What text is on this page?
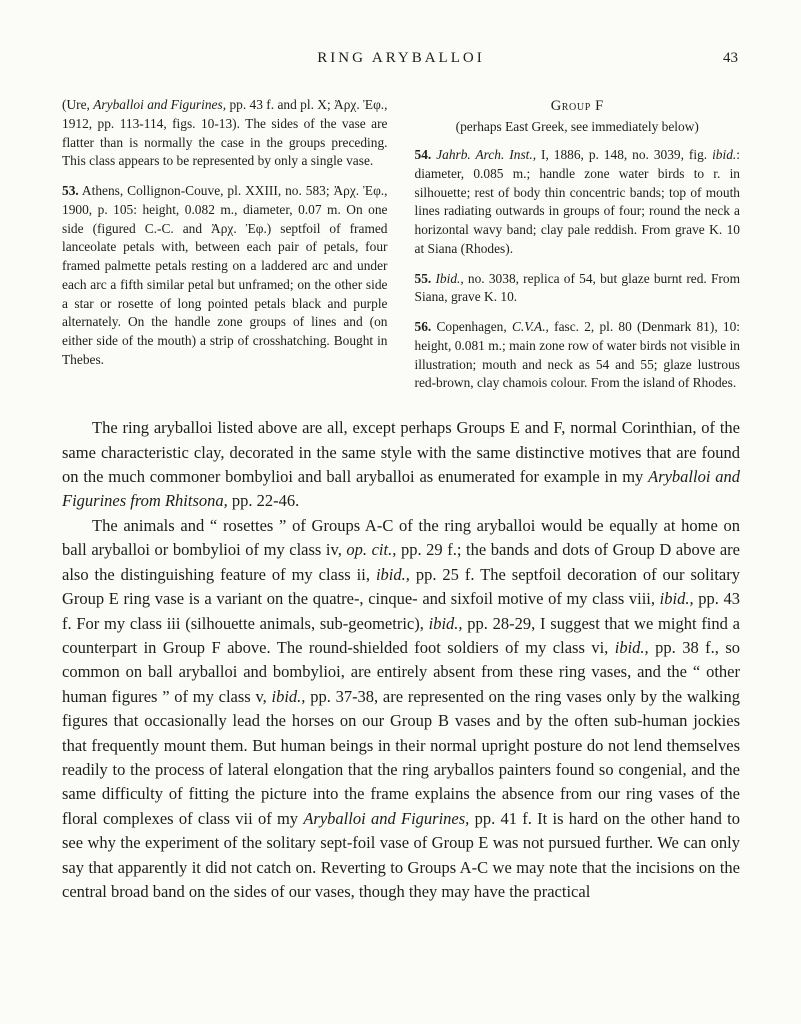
RING ARYBALLOI	43

(Ure, Aryballoi and Figurines, pp. 43 f. and pl. X; Ἀρχ. Ἐφ., 1912, pp. 113-114, figs. 10-13). The sides of the vase are flatter than is normally the case in the groups preceding. This class appears to be represented by only a single vase.

53. Athens, Collignon-Couve, pl. XXIII, no. 583; Ἀρχ. Ἐφ., 1900, p. 105: height, 0.082 m., diameter, 0.07 m. On one side (figured C.-C. and Ἀρχ. Ἐφ.) septfoil of framed lanceolate petals with, between each pair of petals, four framed palmette petals resting on a laddered arc and under each arc a fifth similar petal but unframed; on the other side a star or rosette of long pointed petals black and purple alternately. On the handle zone groups of lines and (on either side of the mouth) a strip of crosshatching. Bought in Thebes.

Group F

(perhaps East Greek, see immediately below)

54. Jahrb. Arch. Inst., I, 1886, p. 148, no. 3039, fig. ibid.: diameter, 0.085 m.; handle zone water birds to r. in silhouette; rest of body thin concentric bands; top of mouth lines radiating outwards in groups of four; round the neck a horizontal wavy band; clay pale reddish. From grave K. 10 at Siana (Rhodes).

55. Ibid., no. 3038, replica of 54, but glaze burnt red. From Siana, grave K. 10.

56. Copenhagen, C.V.A., fasc. 2, pl. 80 (Denmark 81), 10: height, 0.081 m.; main zone row of water birds not visible in illustration; mouth and neck as 54 and 55; glaze lustrous red-brown, clay chamois colour. From the island of Rhodes.

The ring aryballoi listed above are all, except perhaps Groups E and F, normal Corinthian, of the same characteristic clay, decorated in the same style with the same distinctive motives that are found on the much commoner bombylioi and ball aryballoi as enumerated for example in my Aryballoi and Figurines from Rhitsona, pp. 22-46.

The animals and “ rosettes ” of Groups A-C of the ring aryballoi would be equally at home on ball aryballoi or bombylioi of my class iv, op. cit., pp. 29 f.; the bands and dots of Group D above are also the distinguishing feature of my class ii, ibid., pp. 25 f. The septfoil decoration of our solitary Group E ring vase is a variant on the quatre-, cinque- and sixfoil motive of my class viii, ibid., pp. 43 f. For my class iii (silhouette animals, sub-geometric), ibid., pp. 28-29, I suggest that we might find a counterpart in Group F above. The round-shielded foot soldiers of my class vi, ibid., pp. 38 f., so common on ball aryballoi and bombylioi, are entirely absent from these ring vases, and the “ other human figures ” of my class v, ibid., pp. 37-38, are represented on the ring vases only by the walking figures that occasionally lead the horses on our Group B vases and by the often sub-human jockies that frequently mount them. But human beings in their normal upright posture do not lend themselves readily to the process of lateral elongation that the ring aryballos painters found so congenial, and the same difficulty of fitting the picture into the frame explains the absence from our ring vases of the floral complexes of class vii of my Aryballoi and Figurines, pp. 41 f. It is hard on the other hand to see why the experiment of the solitary sept-foil vase of Group E was not pursued further. We can only say that apparently it did not catch on. Reverting to Groups A-C we may note that the incisions on the central broad band on the sides of our vases, though they may have the practical
